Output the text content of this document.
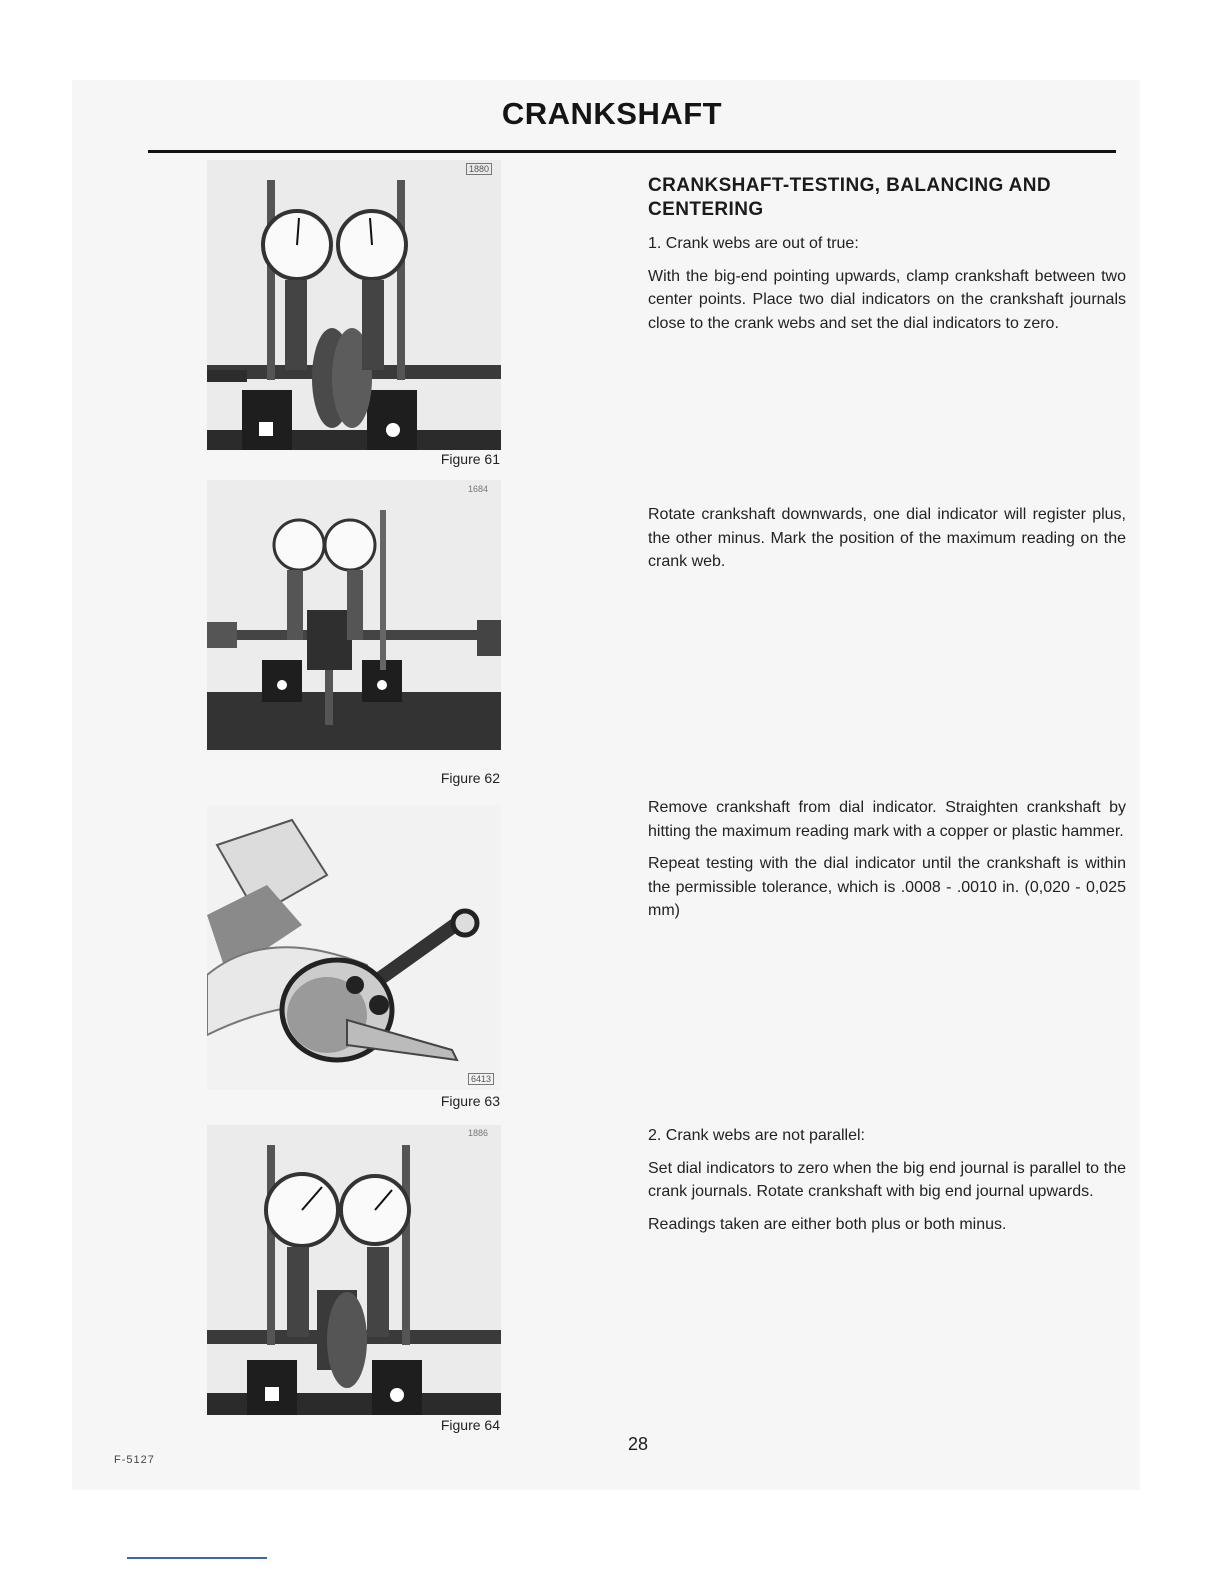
CRANKSHAFT
1880
Figure 61
1684
Figure 62
6413
Figure 63
1886
Figure 64
CRANKSHAFT-TESTING, BALANCING AND CENTERING
1. Crank webs are out of true:
With the big-end pointing upwards, clamp crankshaft between two center points. Place two dial indicators on the crankshaft journals close to the crank webs and set the dial indicators to zero.
Rotate crankshaft downwards, one dial indicator will register plus, the other minus. Mark the position of the maximum reading on the crank web.
Remove crankshaft from dial indicator. Straighten crankshaft by hitting the maximum reading mark with a copper or plastic hammer.
Repeat testing with the dial indicator until the crankshaft is within the permissible tolerance, which is .0008 - .0010 in. (0,020 - 0,025 mm)
2. Crank webs are not parallel:
Set dial indicators to zero when the big end journal is parallel to the crank journals. Rotate crankshaft with big end journal upwards.
Readings taken are either both plus or both minus.
28
F-5127
